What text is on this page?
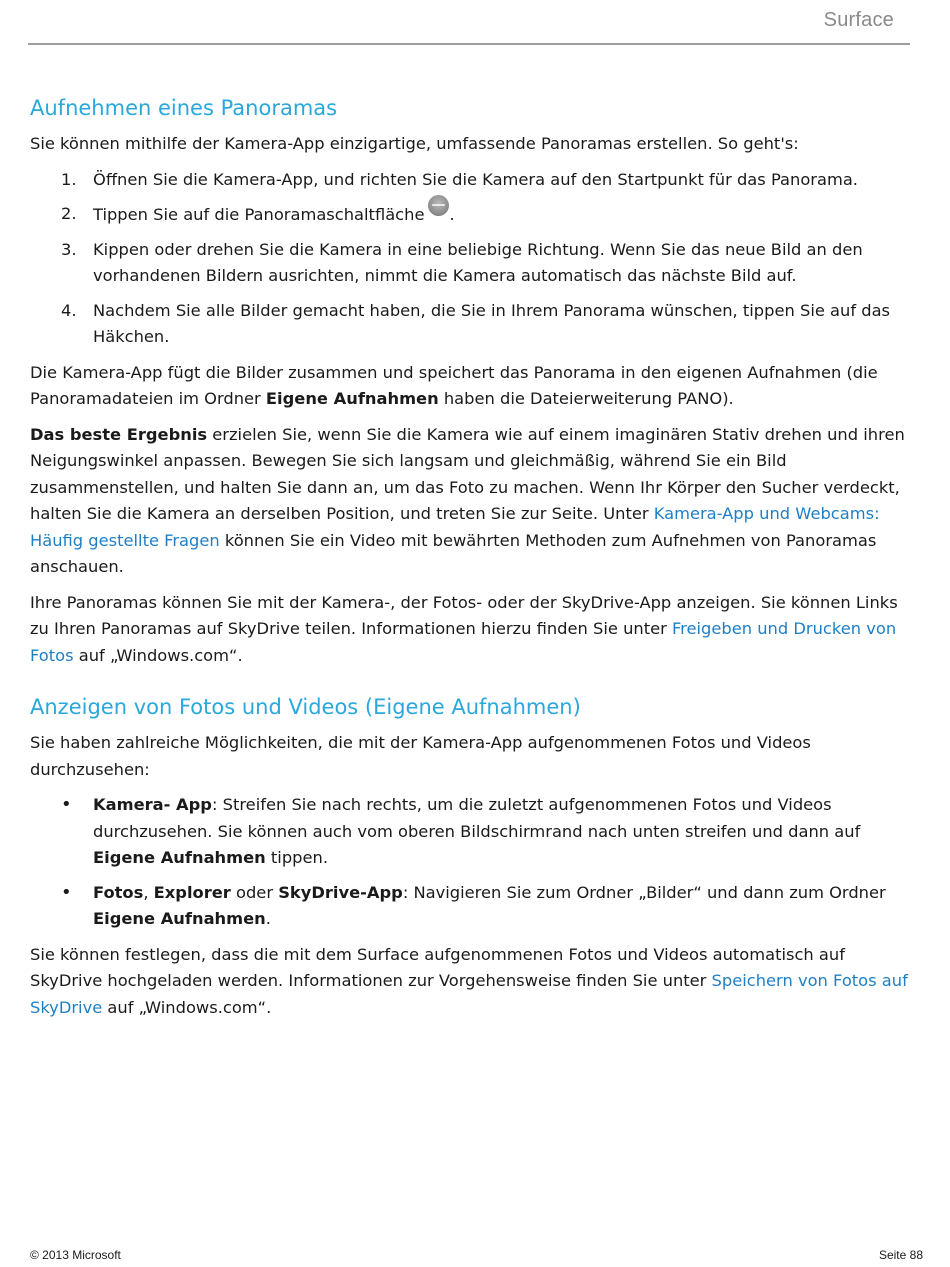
Surface
Aufnehmen eines Panoramas

Sie können mithilfe der Kamera-App einzigartige, umfassende Panoramas erstellen. So geht's:

1. Öffnen Sie die Kamera-App, und richten Sie die Kamera auf den Startpunkt für das Panorama.
2. Tippen Sie auf die Panoramaschaltfläche .
3. Kippen oder drehen Sie die Kamera in eine beliebige Richtung. Wenn Sie das neue Bild an den vorhandenen Bildern ausrichten, nimmt die Kamera automatisch das nächste Bild auf.
4. Nachdem Sie alle Bilder gemacht haben, die Sie in Ihrem Panorama wünschen, tippen Sie auf das Häkchen.

Die Kamera-App fügt die Bilder zusammen und speichert das Panorama in den eigenen Aufnahmen (die Panoramadateien im Ordner Eigene Aufnahmen haben die Dateierweiterung PANO).

Das beste Ergebnis erzielen Sie, wenn Sie die Kamera wie auf einem imaginären Stativ drehen und ihren Neigungswinkel anpassen. Bewegen Sie sich langsam und gleichmäßig, während Sie ein Bild zusammenstellen, und halten Sie dann an, um das Foto zu machen. Wenn Ihr Körper den Sucher verdeckt, halten Sie die Kamera an derselben Position, und treten Sie zur Seite. Unter Kamera-App und Webcams: Häufig gestellte Fragen können Sie ein Video mit bewährten Methoden zum Aufnehmen von Panoramas anschauen.

Ihre Panoramas können Sie mit der Kamera-, der Fotos- oder der SkyDrive-App anzeigen. Sie können Links zu Ihren Panoramas auf SkyDrive teilen. Informationen hierzu finden Sie unter Freigeben und Drucken von Fotos auf „Windows.com“.

Anzeigen von Fotos und Videos (Eigene Aufnahmen)

Sie haben zahlreiche Möglichkeiten, die mit der Kamera-App aufgenommenen Fotos und Videos durchzusehen:

• Kamera- App: Streifen Sie nach rechts, um die zuletzt aufgenommenen Fotos und Videos durchzusehen. Sie können auch vom oberen Bildschirmrand nach unten streifen und dann auf Eigene Aufnahmen tippen.
• Fotos, Explorer oder SkyDrive-App: Navigieren Sie zum Ordner „Bilder“ und dann zum Ordner Eigene Aufnahmen.

Sie können festlegen, dass die mit dem Surface aufgenommenen Fotos und Videos automatisch auf SkyDrive hochgeladen werden. Informationen zur Vorgehensweise finden Sie unter Speichern von Fotos auf SkyDrive auf „Windows.com“.

© 2013 Microsoft	Seite 88
